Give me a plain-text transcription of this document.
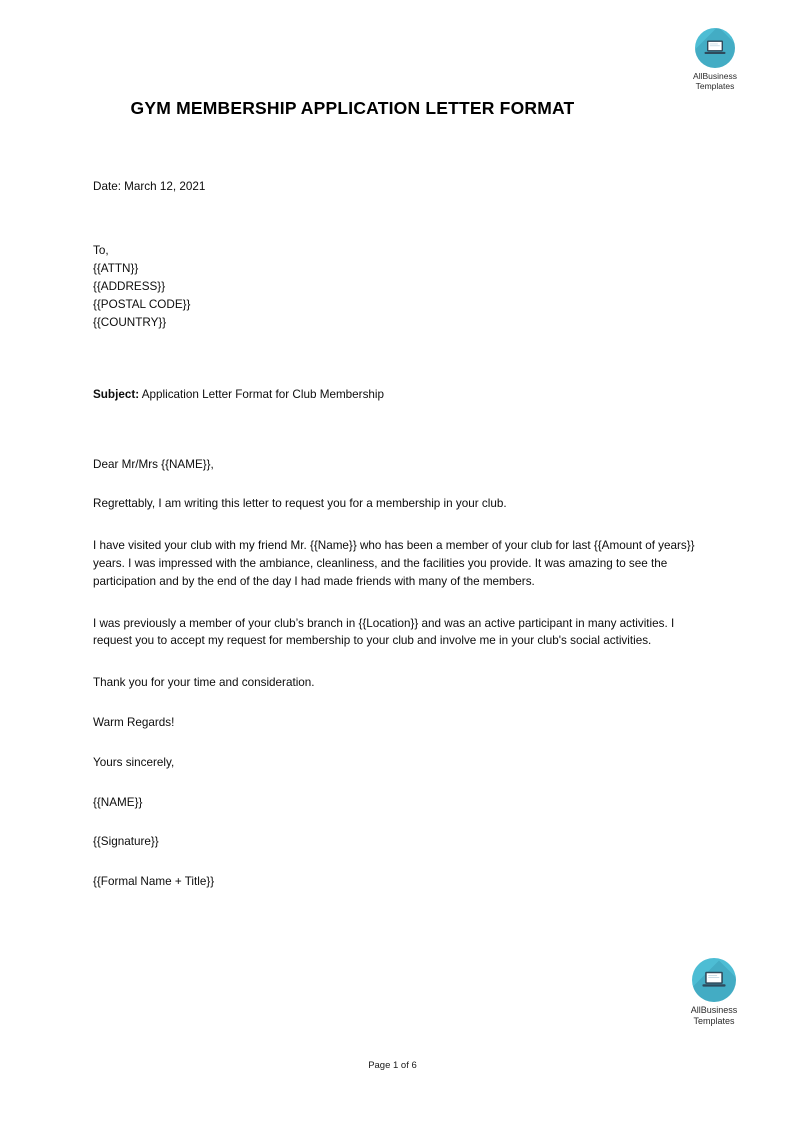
AllBusiness
Templates
GYM MEMBERSHIP APPLICATION LETTER FORMAT
Date: March 12, 2021
To,
{{ATTN}}
{{ADDRESS}}
{{POSTAL CODE}}
{{COUNTRY}}
Subject: Application Letter Format for Club Membership
Dear Mr/Mrs {{NAME}},
Regrettably, I am writing this letter to request you for a membership in your club.
I have visited your club with my friend Mr. {{Name}} who has been a member of your club for last {{Amount of years}} years. I was impressed with the ambiance, cleanliness, and the facilities you provide. It was amazing to see the participation and by the end of the day I had made friends with many of the members.
I was previously a member of your club’s branch in {{Location}} and was an active participant in many activities. I request you to accept my request for membership to your club and involve me in your club's social activities.
Thank you for your time and consideration.
Warm Regards!
Yours sincerely,
{{NAME}}
{{Signature}}
{{Formal Name + Title}}
AllBusiness
Templates
Page 1 of 6
